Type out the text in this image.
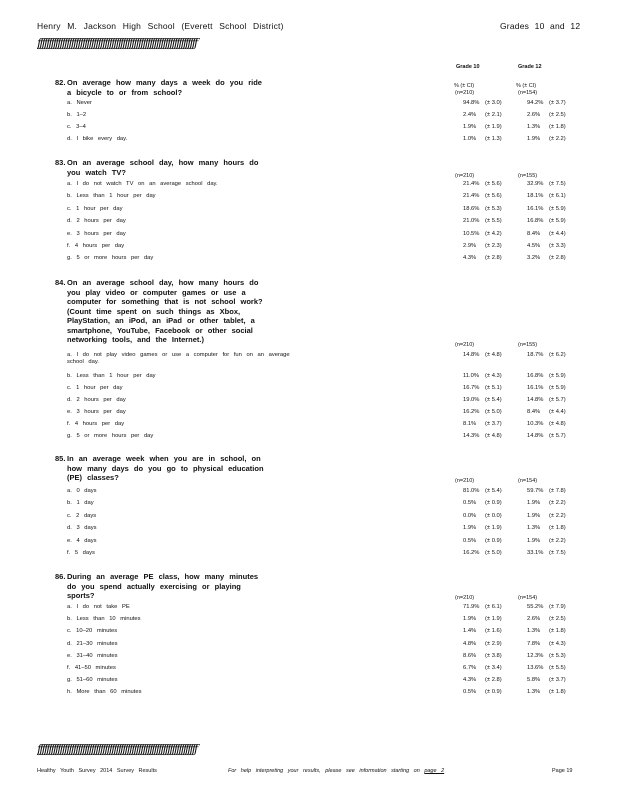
Henry M. Jackson High School (Everett School District)	Grades 10 and 12
ƒƒƒƒƒƒƒƒƒƒƒƒƒƒƒƒƒƒƒƒƒƒƒƒƒƒƒƒƒƒƒƒƒƒƒƒƒƒƒƒƒƒƒƒƒƒƒƒƒƒƒƒƒƒƒƒƒƒƒƒƒƒƒƒƒƒƒƒƒƒƒ
Grade 10	Grade 12
82. On average how many days a week do you ride a bicycle to or from school?
% (± CI)	% (± CI)
(n=210)	(n=154)
a. Never	94.8% (± 3.0)	94.2% (± 3.7)
b. 1–2	2.4% (± 2.1)	2.6% (± 2.5)
c. 3–4	1.9% (± 1.9)	1.3% (± 1.8)
d. I bike every day.	1.0% (± 1.3)	1.9% (± 2.2)
83. On an average school day, how many hours do you watch TV?	(n=210)	(n=155)
a. I do not watch TV on an average school day.	21.4% (± 5.6)	32.9% (± 7.5)
b. Less than 1 hour per day	21.4% (± 5.6)	18.1% (± 6.1)
c. 1 hour per day	18.6% (± 5.3)	16.1% (± 5.9)
d. 2 hours per day	21.0% (± 5.5)	16.8% (± 5.9)
e. 3 hours per day	10.5% (± 4.2)	8.4% (± 4.4)
f. 4 hours per day	2.9% (± 2.3)	4.5% (± 3.3)
g. 5 or more hours per day	4.3% (± 2.8)	3.2% (± 2.8)
84. On an average school day, how many hours do you play video or computer games or use a computer for something that is not school work? (Count time spent on such things as Xbox, PlayStation, an iPod, an iPad or other tablet, a smartphone, YouTube, Facebook or other social networking tools, and the Internet.)
(n=210)	(n=155)
a. I do not play video games or use a computer for fun on an average school day.
14.8% (± 4.8)	18.7% (± 6.2)
b. Less than 1 hour per day	11.0% (± 4.3)	16.8% (± 5.9)
c. 1 hour per day	16.7% (± 5.1)	16.1% (± 5.9)
d. 2 hours per day	19.0% (± 5.4)	14.8% (± 5.7)
e. 3 hours per day	16.2% (± 5.0)	8.4% (± 4.4)
f. 4 hours per day	8.1% (± 3.7)	10.3% (± 4.8)
g. 5 or more hours per day	14.3% (± 4.8)	14.8% (± 5.7)
85. In an average week when you are in school, on how many days do you go to physical education (PE) classes?	(n=210)	(n=154)
a. 0 days	81.0% (± 5.4)	59.7% (± 7.8)
b. 1 day	0.5% (± 0.9)	1.9% (± 2.2)
c. 2 days	0.0% (± 0.0)	1.9% (± 2.2)
d. 3 days	1.9% (± 1.9)	1.3% (± 1.8)
e. 4 days	0.5% (± 0.9)	1.9% (± 2.2)
f. 5 days	16.2% (± 5.0)	33.1% (± 7.5)
86. During an average PE class, how many minutes do you spend actually exercising or playing sports?	(n=210)	(n=154)
a. I do not take PE	71.9% (± 6.1)	55.2% (± 7.9)
b. Less than 10 minutes	1.9% (± 1.9)	2.6% (± 2.5)
c. 10–20 minutes	1.4% (± 1.6)	1.3% (± 1.8)
d. 21–30 minutes	4.8% (± 2.9)	7.8% (± 4.3)
e. 31–40 minutes	8.6% (± 3.8)	12.3% (± 5.3)
f. 41–50 minutes	6.7% (± 3.4)	13.6% (± 5.5)
g. 51–60 minutes	4.3% (± 2.8)	5.8% (± 3.7)
h. More than 60 minutes	0.5% (± 0.9)	1.3% (± 1.8)
ƒƒƒƒƒƒƒƒƒƒƒƒƒƒƒƒƒƒƒƒƒƒƒƒƒƒƒƒƒƒƒƒƒƒƒƒƒƒƒƒƒƒƒƒƒƒƒƒƒƒƒƒƒƒƒƒƒƒƒƒƒƒƒƒƒƒƒƒƒƒƒ
Healthy Youth Survey 2014 Survey Results	For help interpreting your results, please see information starting on page 2	Page 19
